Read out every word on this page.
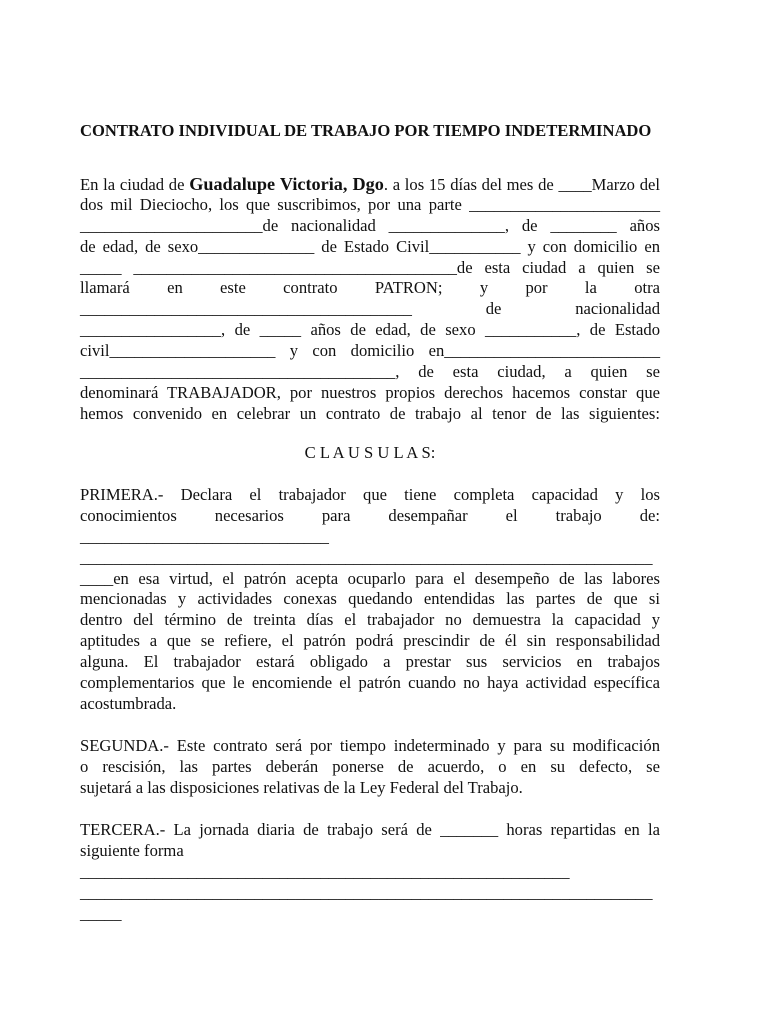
CONTRATO INDIVIDUAL DE TRABAJO POR TIEMPO INDETERMINADO
En la ciudad de Guadalupe Victoria, Dgo. a los 15 días del mes de ____Marzo del
dos mil Dieciocho, los que suscribimos, por una parte _______________________
______________________de nacionalidad ______________, de ________ años
de edad, de sexo______________ de Estado Civil___________ y con domicilio en
_____ _______________________________________de esta ciudad a quien se
llamará en este contrato PATRON; y por la otra
________________________________________ de nacionalidad
_________________, de _____ años de edad, de sexo ___________, de Estado
civil____________________ y con domicilio en__________________________
______________________________________, de esta ciudad, a quien se
denominará TRABAJADOR, por nuestros propios derechos hacemos constar que
hemos convenido en celebrar un contrato de trabajo al tenor de las siguientes:
C L A U S U L A S:
PRIMERA.- Declara el trabajador que tiene completa capacidad y los
conocimientos necesarios para desempañar el trabajo de:
______________________________
_____________________________________________________________________
____en esa virtud, el patrón acepta ocuparlo para el desempeño de las labores
mencionadas y actividades conexas quedando entendidas las partes de que si
dentro del término de treinta días el trabajador no demuestra la capacidad y
aptitudes a que se refiere, el patrón podrá prescindir de él sin responsabilidad
alguna. El trabajador estará obligado a prestar sus servicios en trabajos
complementarios que le encomiende el patrón cuando no haya actividad específica
acostumbrada.
SEGUNDA.- Este contrato será por tiempo indeterminado y para su modificación
o rescisión, las partes deberán ponerse de acuerdo, o en su defecto, se
sujetará a las disposiciones relativas de la Ley Federal del Trabajo.
TERCERA.- La jornada diaria de trabajo será de _______ horas repartidas en la
siguiente forma
___________________________________________________________
_____________________________________________________________________
_____
